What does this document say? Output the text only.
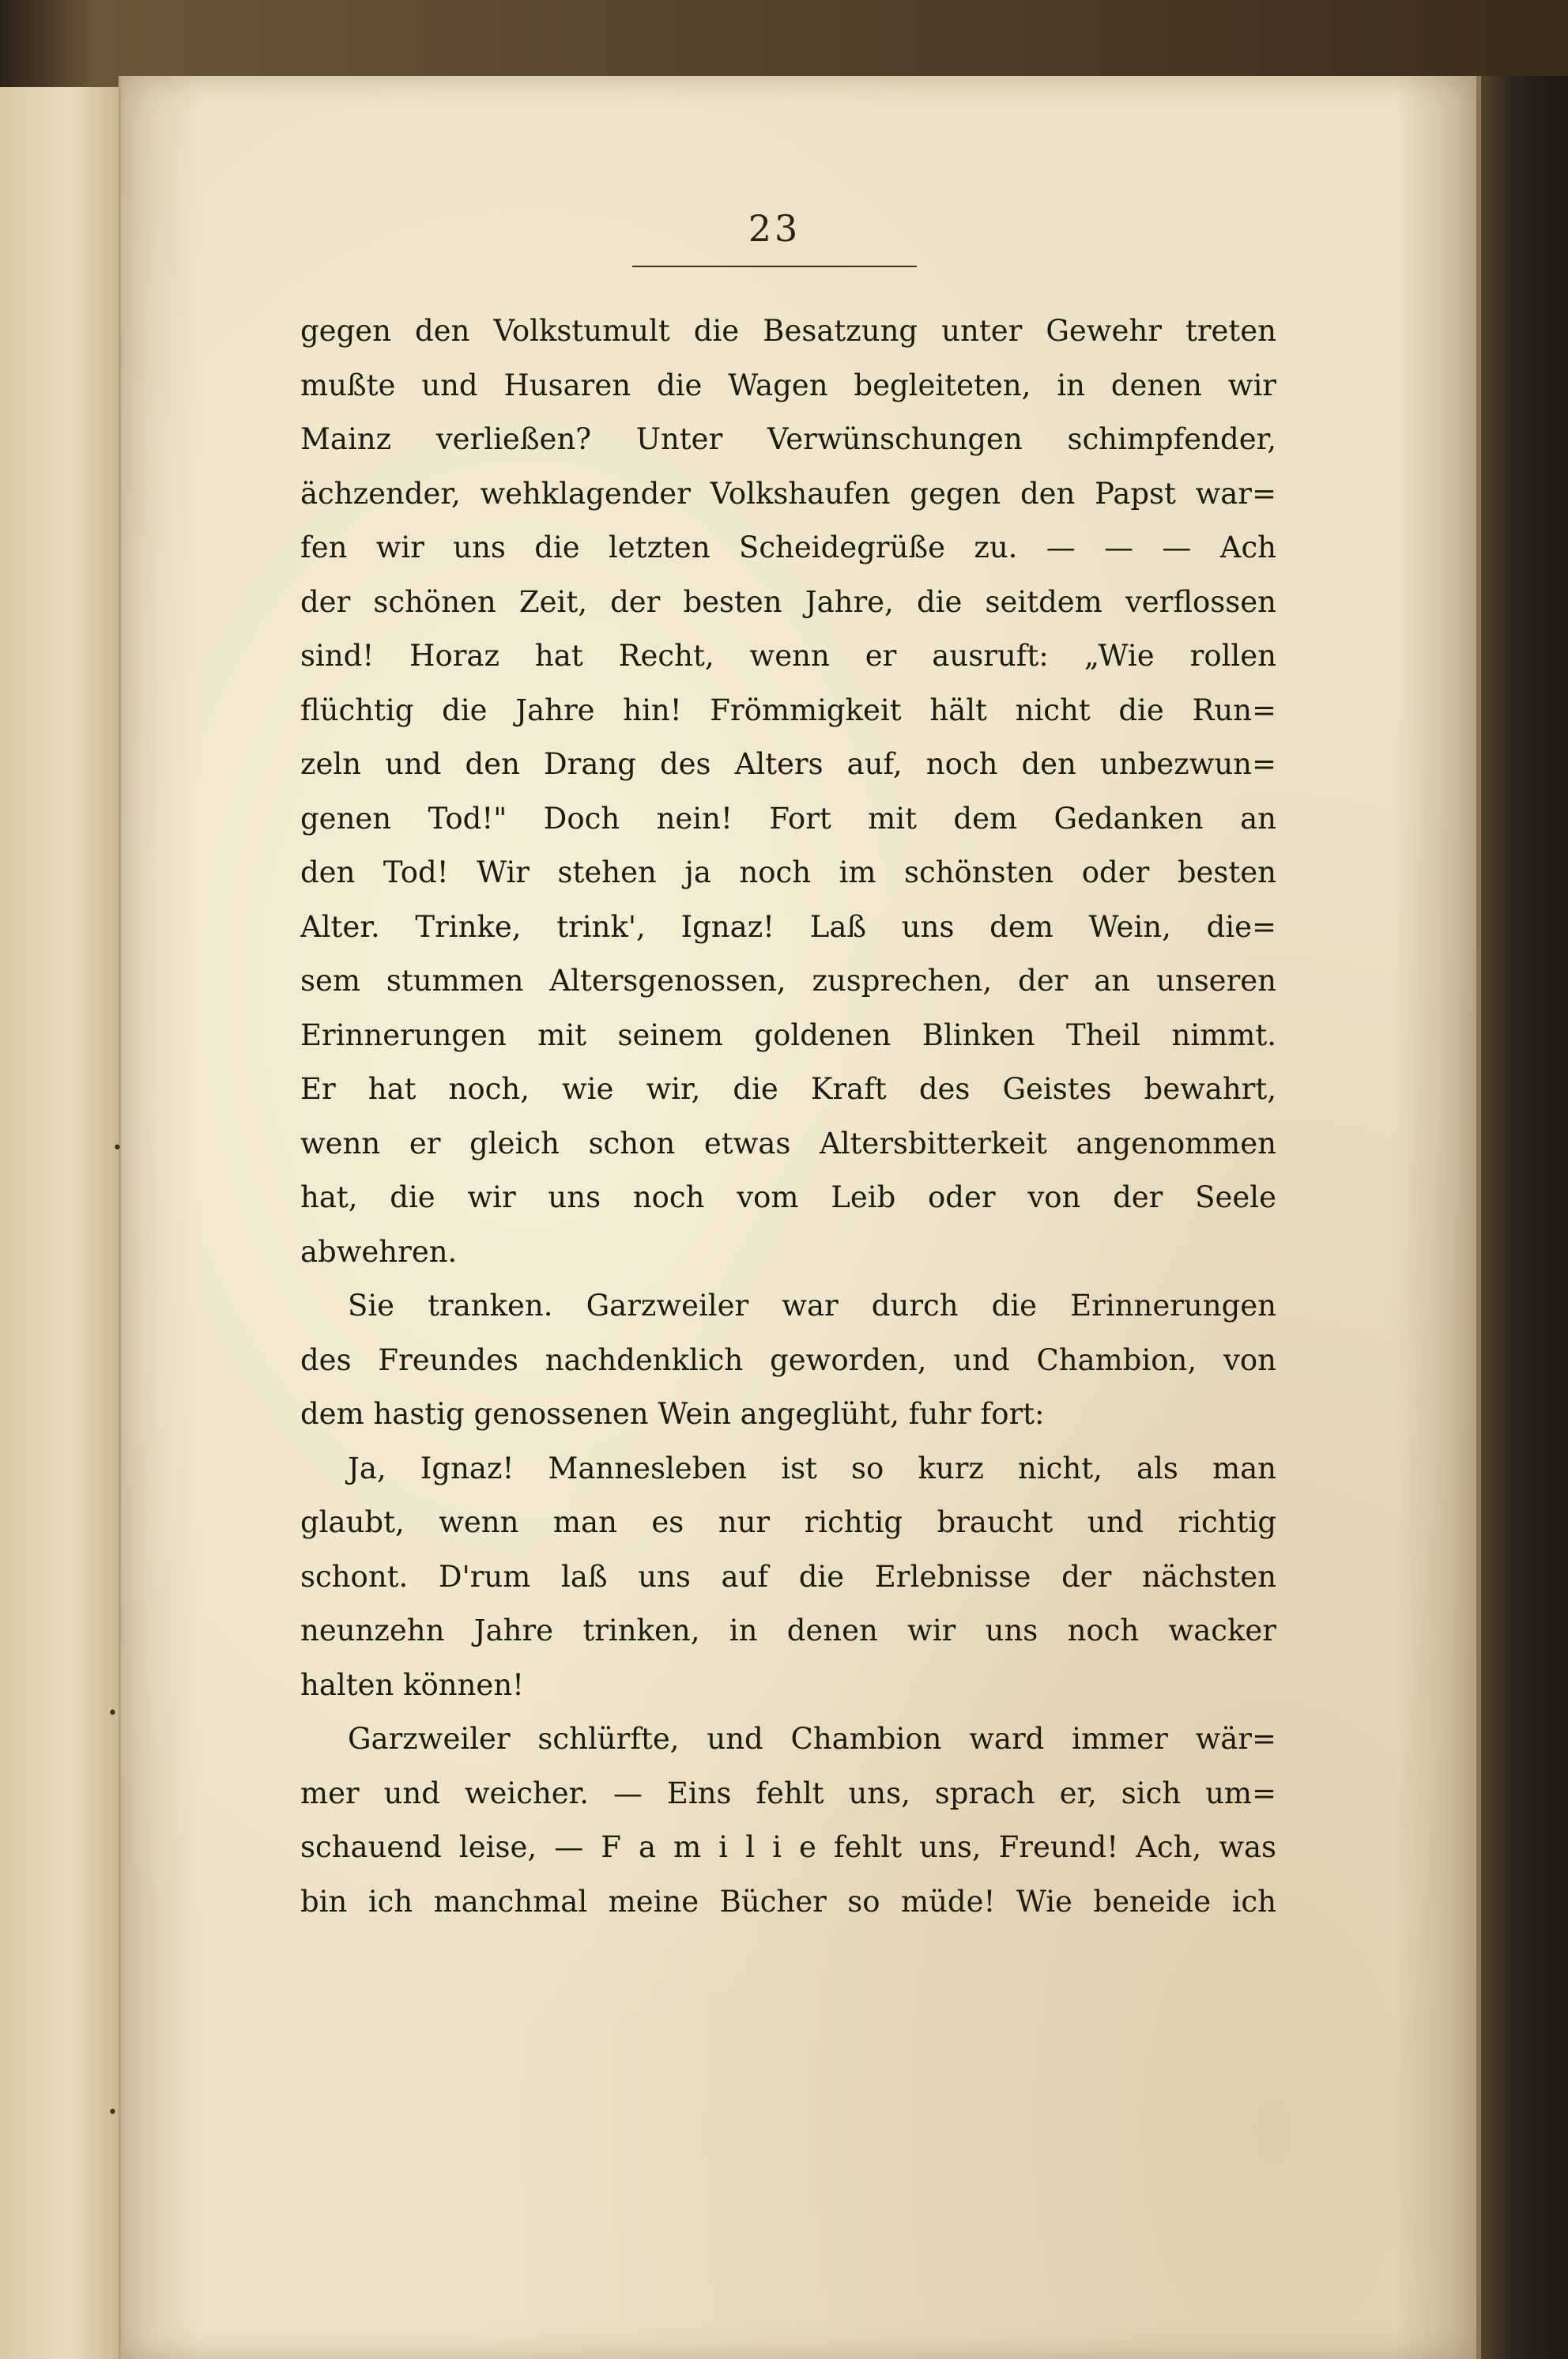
23
gegen den Volkstumult die Besatzung unter Gewehr treten
mußte und Husaren die Wagen begleiteten, in denen wir
Mainz verließen? Unter Verwünschungen schimpfender,
ächzender, wehklagender Volkshaufen gegen den Papst war=
fen wir uns die letzten Scheidegrüße zu. — — — Ach
der schönen Zeit, der besten Jahre, die seitdem verflossen
sind! Horaz hat Recht, wenn er ausruft: „Wie rollen
flüchtig die Jahre hin! Frömmigkeit hält nicht die Run=
zeln und den Drang des Alters auf, noch den unbezwun=
genen Tod!" Doch nein! Fort mit dem Gedanken an
den Tod! Wir stehen ja noch im schönsten oder besten
Alter. Trinke, trink', Ignaz! Laß uns dem Wein, die=
sem stummen Altersgenossen, zusprechen, der an unseren
Erinnerungen mit seinem goldenen Blinken Theil nimmt.
Er hat noch, wie wir, die Kraft des Geistes bewahrt,
wenn er gleich schon etwas Altersbitterkeit angenommen
hat, die wir uns noch vom Leib oder von der Seele
abwehren.
Sie tranken. Garzweiler war durch die Erinnerungen
des Freundes nachdenklich geworden, und Chambion, von
dem hastig genossenen Wein angeglüht, fuhr fort:
Ja, Ignaz! Mannesleben ist so kurz nicht, als man
glaubt, wenn man es nur richtig braucht und richtig
schont. D'rum laß uns auf die Erlebnisse der nächsten
neunzehn Jahre trinken, in denen wir uns noch wacker
halten können!
Garzweiler schlürfte, und Chambion ward immer wär=
mer und weicher. — Eins fehlt uns, sprach er, sich um=
schauend leise, — F a m i l i e fehlt uns, Freund! Ach, was
bin ich manchmal meine Bücher so müde! Wie beneide ich
•
•
•
